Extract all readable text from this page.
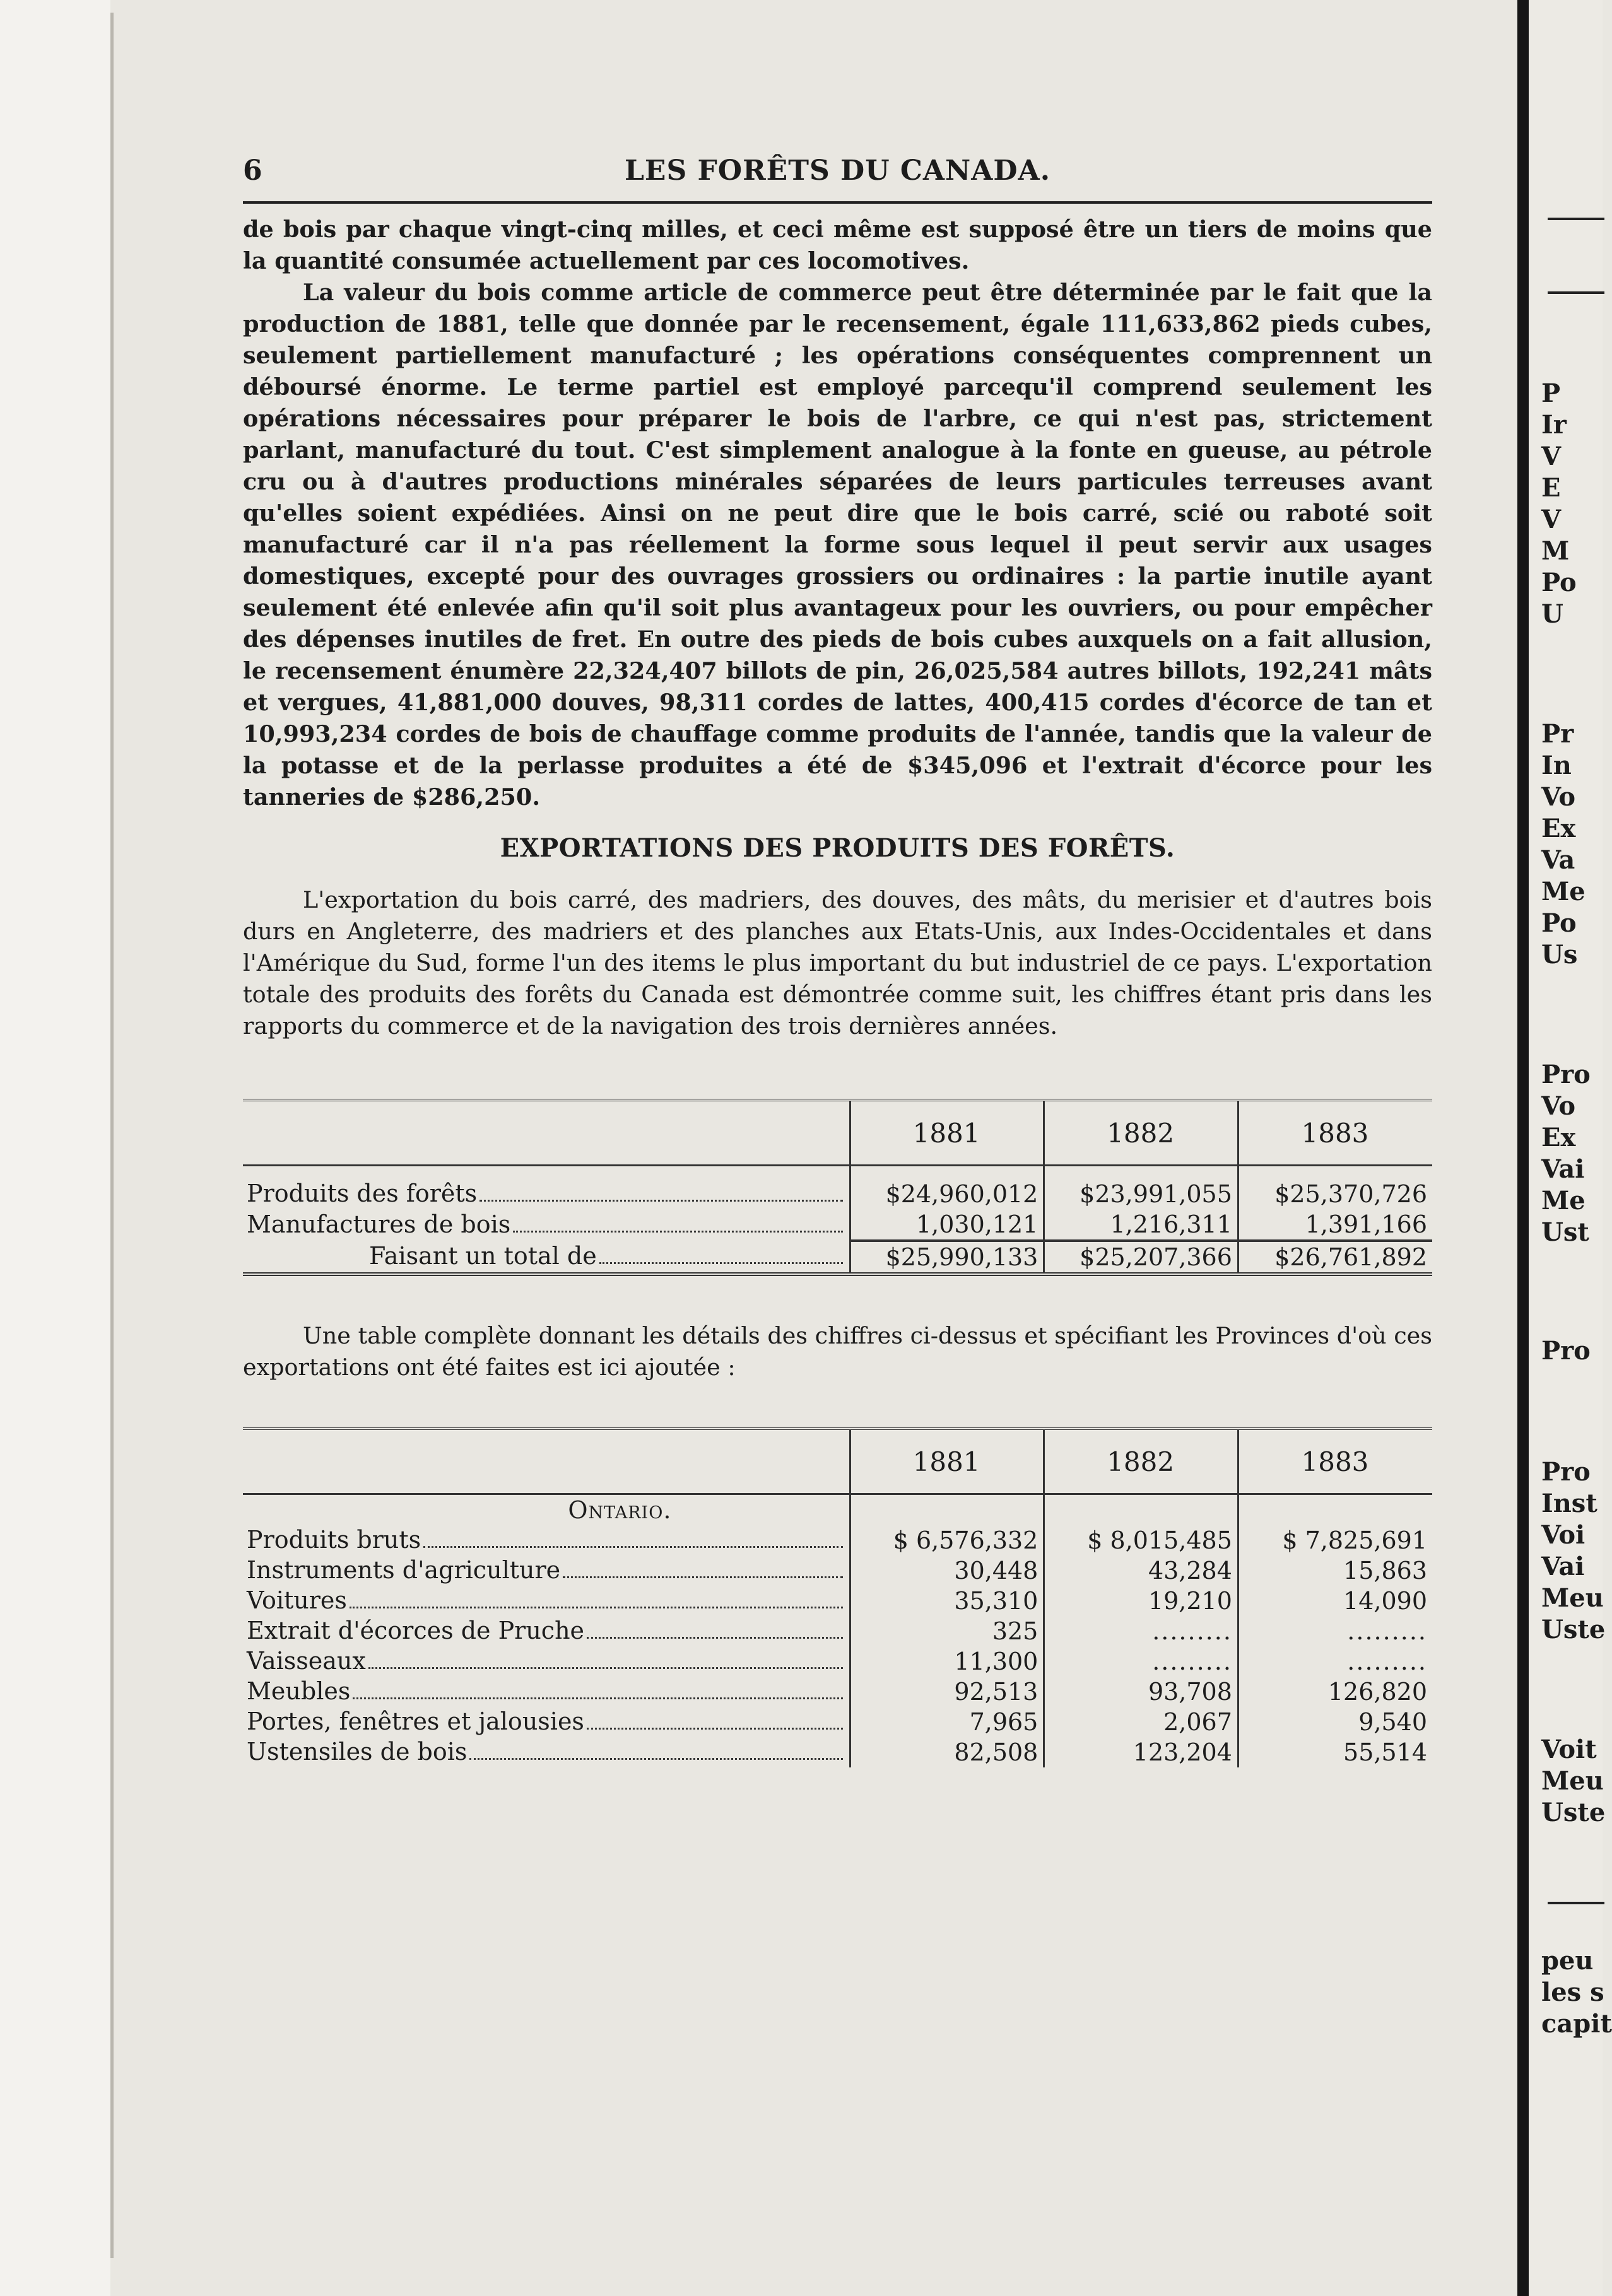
6	LES FORÊTS DU CANADA.

de bois par chaque vingt-cinq milles, et ceci même est supposé être un tiers de moins que la quantité consumée actuellement par ces locomotives.

La valeur du bois comme article de commerce peut être déterminée par le fait que la production de 1881, telle que donnée par le recensement, égale 111,633,862 pieds cubes, seulement partiellement manufacturé ; les opérations conséquentes comprennent un déboursé énorme. Le terme partiel est employé parcequ'il comprend seulement les opérations nécessaires pour préparer le bois de l'arbre, ce qui n'est pas, strictement parlant, manufacturé du tout. C'est simplement analogue à la fonte en gueuse, au pétrole cru ou à d'autres productions minérales séparées de leurs particules terreuses avant qu'elles soient expédiées. Ainsi on ne peut dire que le bois carré, scié ou raboté soit manufacturé car il n'a pas réellement la forme sous lequel il peut servir aux usages domestiques, excepté pour des ouvrages grossiers ou ordinaires : la partie inutile ayant seulement été enlevée afin qu'il soit plus avantageux pour les ouvriers, ou pour empêcher des dépenses inutiles de fret. En outre des pieds de bois cubes auxquels on a fait allusion, le recensement énumère 22,324,407 billots de pin, 26,025,584 autres billots, 192,241 mâts et vergues, 41,881,000 douves, 98,311 cordes de lattes, 400,415 cordes d'écorce de tan et 10,993,234 cordes de bois de chauffage comme produits de l'année, tandis que la valeur de la potasse et de la perlasse produites a été de $345,096 et l'extrait d'écorce pour les tanneries de $286,250.

EXPORTATIONS DES PRODUITS DES FORÊTS.

L'exportation du bois carré, des madriers, des douves, des mâts, du merisier et d'autres bois durs en Angleterre, des madriers et des planches aux Etats-Unis, aux Indes-Occidentales et dans l'Amérique du Sud, forme l'un des items le plus important du but industriel de ce pays. L'exportation totale des produits des forêts du Canada est démontrée comme suit, les chiffres étant pris dans les rapports du commerce et de la navigation des trois dernières années.

	1881	1882	1883

Produits des forêts	$24,960,012	$23,991,055	$25,370,726

Manufactures de bois	1,030,121	1,216,311	1,391,166

Faisant un total de	$25,990,133	$25,207,366	$26,761,892

Une table complète donnant les détails des chiffres ci-dessus et spécifiant les Provinces d'où ces exportations ont été faites est ici ajoutée :

	1881	1882	1883
Ontario.			

Produits bruts	$ 6,576,332	$ 8,015,485	$ 7,825,691

Instruments d'agriculture	30,448	43,284	15,863

Voitures	35,310	19,210	14,090

Extrait d'écorces de Pruche	325	.........	.........

Vaisseaux	11,300	.........	.........

Meubles	92,513	93,708	126,820

Portes, fenêtres et jalousies	7,965	2,067	9,540

Ustensiles de bois	82,508	123,204	55,514
P
Ir
V
E
V
M
Po
U
Pr
In
Vo
Ex
Va
Me
Po
Us
Pro
Vo
Ex
Vai
Me
Ust
Pro
Pro
Inst
Voi
Vai
Meu
Uste
Voit
Meu
Uste
peu
les s
capit
